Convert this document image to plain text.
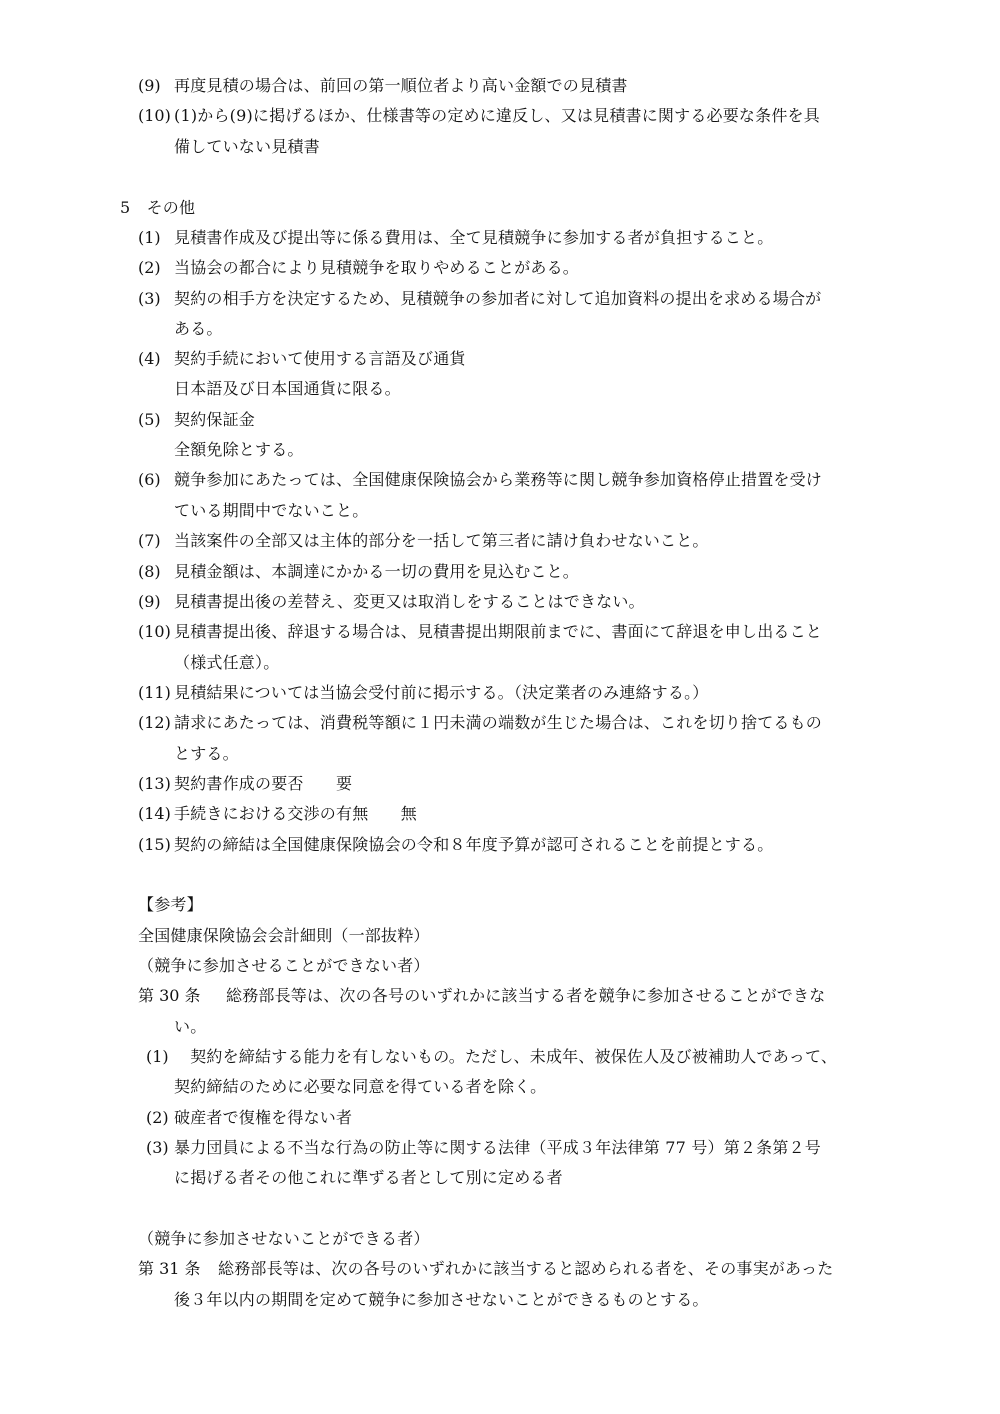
(9) 再度見積の場合は、前回の第一順位者より高い金額での見積書
(10) (1)から(9)に掲げるほか、仕様書等の定めに違反し、又は見積書に関する必要な条件を具
備していない見積書
5　その他
(1) 見積書作成及び提出等に係る費用は、全て見積競争に参加する者が負担すること。
(2) 当協会の都合により見積競争を取りやめることがある。
(3) 契約の相手方を決定するため、見積競争の参加者に対して追加資料の提出を求める場合が
ある。
(4) 契約手続において使用する言語及び通貨
日本語及び日本国通貨に限る。
(5) 契約保証金
全額免除とする。
(6) 競争参加にあたっては、全国健康保険協会から業務等に関し競争参加資格停止措置を受け
ている期間中でないこと。
(7) 当該案件の全部又は主体的部分を一括して第三者に請け負わせないこと。
(8) 見積金額は、本調達にかかる一切の費用を見込むこと。
(9) 見積書提出後の差替え、変更又は取消しをすることはできない。
(10) 見積書提出後、辞退する場合は、見積書提出期限前までに、書面にて辞退を申し出ること
（様式任意）。
(11) 見積結果については当協会受付前に掲示する。（決定業者のみ連絡する。）
(12) 請求にあたっては、消費税等額に１円未満の端数が生じた場合は、これを切り捨てるもの
とする。
(13) 契約書作成の要否　　要
(14) 手続きにおける交渉の有無　　無
(15) 契約の締結は全国健康保険協会の令和８年度予算が認可されることを前提とする。
【参考】
全国健康保険協会会計細則（一部抜粋）
（競争に参加させることができない者）
第 30 条 総務部長等は、次の各号のいずれかに該当する者を競争に参加させることができな
い。
(1) 　契約を締結する能力を有しないもの。ただし、未成年、被保佐人及び被補助人であって、
契約締結のために必要な同意を得ている者を除く。
(2) 破産者で復権を得ない者
(3) 暴力団員による不当な行為の防止等に関する法律（平成３年法律第 77 号）第２条第２号
に掲げる者その他これに準ずる者として別に定める者
（競争に参加させないことができる者）
第 31 条 総務部長等は、次の各号のいずれかに該当すると認められる者を、その事実があった
後３年以内の期間を定めて競争に参加させないことができるものとする。
